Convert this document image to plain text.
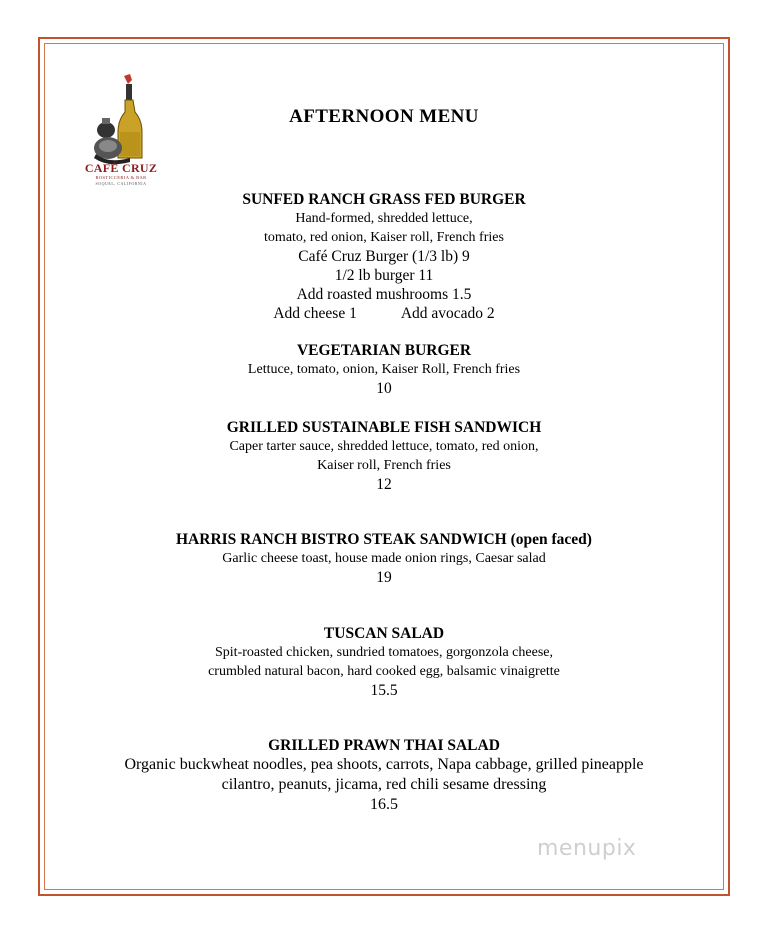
CAFÉ CRUZ
ROSTICCERIA & BAR
SOQUEL, CALIFORNIA
AFTERNOON MENU
SUNFED RANCH GRASS FED BURGER
Hand-formed, shredded lettuce,
tomato, red onion, Kaiser roll, French fries
Café Cruz Burger (1/3 lb) 9
1/2 lb burger 11
Add roasted mushrooms 1.5
Add cheese 1	Add avocado 2
VEGETARIAN BURGER
Lettuce, tomato, onion, Kaiser Roll, French fries
10
GRILLED SUSTAINABLE FISH SANDWICH
Caper tarter sauce, shredded lettuce, tomato, red onion,
Kaiser roll, French fries
12
HARRIS RANCH BISTRO STEAK SANDWICH (open faced)
Garlic cheese toast, house made onion rings, Caesar salad
19
TUSCAN SALAD
Spit-roasted chicken, sundried tomatoes, gorgonzola cheese,
crumbled natural bacon, hard cooked egg, balsamic vinaigrette
15.5
GRILLED PRAWN THAI SALAD
Organic buckwheat noodles, pea shoots, carrots, Napa cabbage, grilled pineapple
cilantro, peanuts, jicama, red chili sesame dressing
16.5
menupix
